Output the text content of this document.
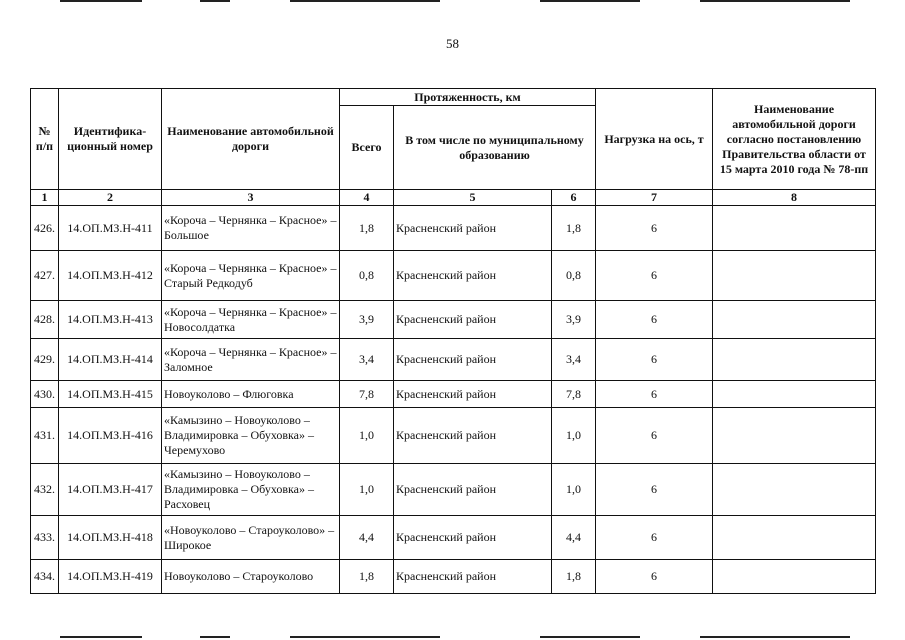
58
№ п/п	Идентифика-ционный номер	Наименование автомобильной дороги	Протяженность, км			Нагрузка на ось, т	Наименование автомобильной дороги согласно постановлению Правительства области от 15 марта 2010 года № 78-пп
			Всего	В том числе по муниципальному образованию			
1	2	3	4	5	6	7	8
426.	14.ОП.МЗ.Н-411	«Короча – Чернянка – Красное» – Большое	1,8	Красненский район	1,8	6	
427.	14.ОП.МЗ.Н-412	«Короча – Чернянка – Красное» – Старый Редкодуб	0,8	Красненский район	0,8	6	
428.	14.ОП.МЗ.Н-413	«Короча – Чернянка – Красное» – Новосолдатка	3,9	Красненский район	3,9	6	
429.	14.ОП.МЗ.Н-414	«Короча – Чернянка – Красное» – Заломное	3,4	Красненский район	3,4	6	
430.	14.ОП.МЗ.Н-415	Новоуколово – Флюговка	7,8	Красненский район	7,8	6	
431.	14.ОП.МЗ.Н-416	«Камызино – Новоуколово – Владимировка – Обуховка» – Черемухово	1,0	Красненский район	1,0	6	
432.	14.ОП.МЗ.Н-417	«Камызино – Новоуколово – Владимировка – Обуховка» – Расховец	1,0	Красненский район	1,0	6	
433.	14.ОП.МЗ.Н-418	«Новоуколово – Староуколово» – Широкое	4,4	Красненский район	4,4	6	
434.	14.ОП.МЗ.Н-419	Новоуколово – Староуколово	1,8	Красненский район	1,8	6	
